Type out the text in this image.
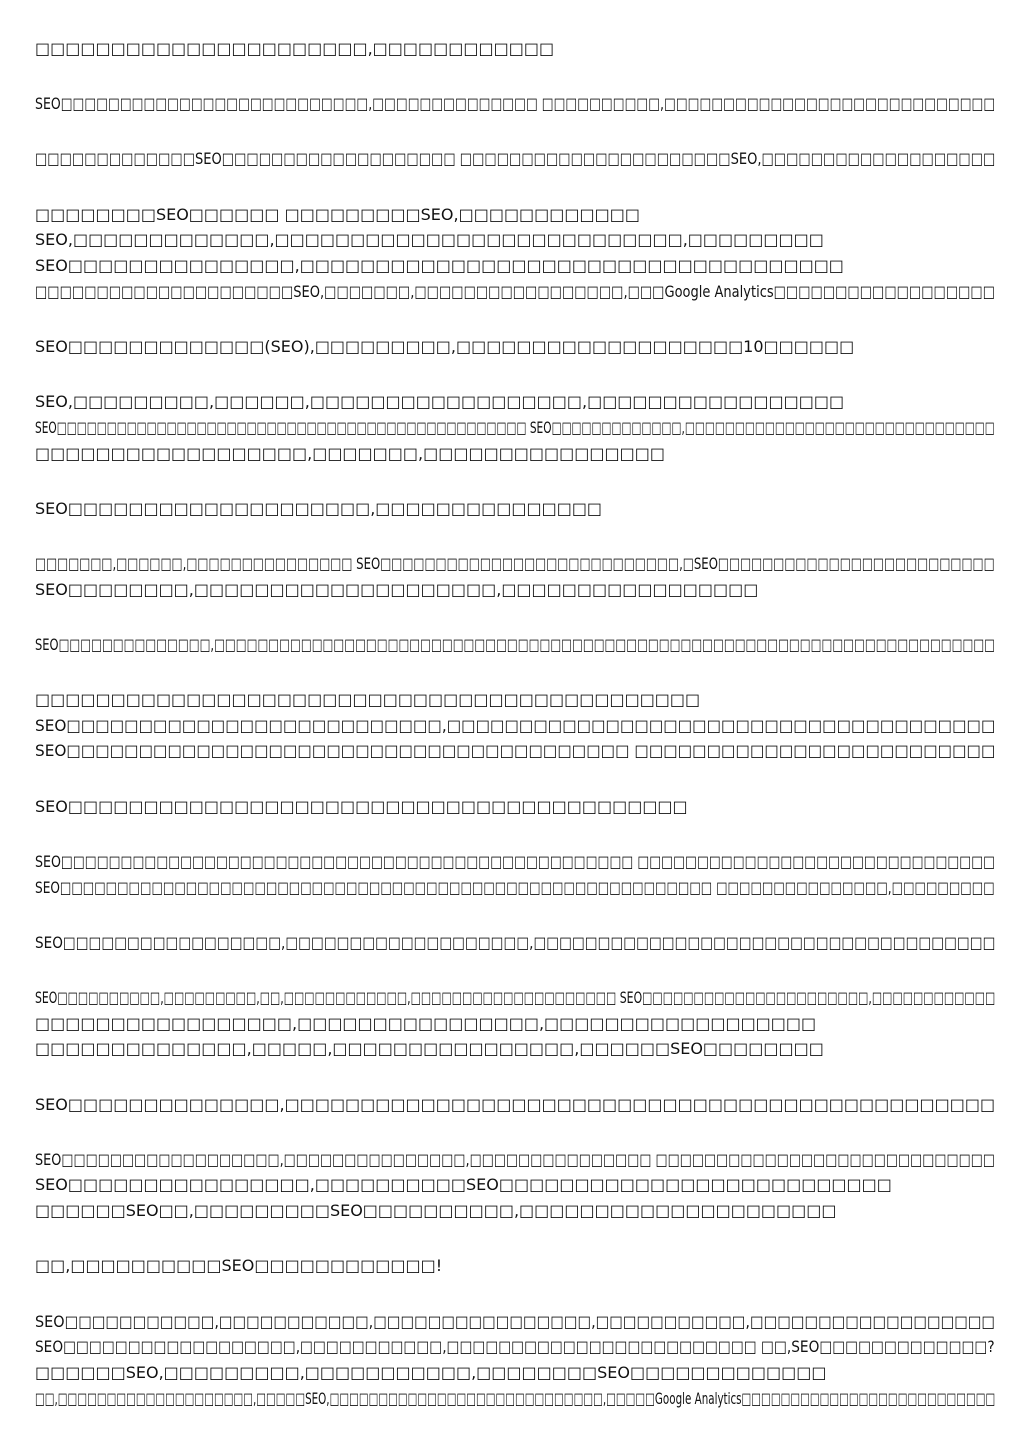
□□□□□□□□□□□□□□□□□□□□□□,□□□□□□□□□□□□
SEO□□□□□□□□□□□□□□□□□□□□□□□□□□,□□□□□□□□□□□□□□ □□□□□□□□□□,□□□□□□□□□□□□□□□□□□□□□□□□□□□□
□□□□□□□□□□□□□SEO□□□□□□□□□□□□□□□□□□□ □□□□□□□□□□□□□□□□□□□□□□SEO,□□□□□□□□□□□□□□□□□□□
□□□□□□□□SEO□□□□□□ □□□□□□□□□SEO,□□□□□□□□□□□□
SEO,□□□□□□□□□□□□□,□□□□□□□□□□□□□□□□□□□□□□□□□□□,□□□□□□□□□
SEO□□□□□□□□□□□□□□□,□□□□□□□□□□□□□□□□□□□□□□□□□□□□□□□□□□□□
□□□□□□□□□□□□□□□□□□□□□SEO,□□□□□□□,□□□□□□□□□□□□□□□□□,□□□Google Analytics□□□□□□□□□□□□□□□□□□
SEO□□□□□□□□□□□□□(SEO),□□□□□□□□□,□□□□□□□□□□□□□□□□□□□10□□□□□□
SEO,□□□□□□□□□,□□□□□□,□□□□□□□□□□□□□□□□□□,□□□□□□□□□□□□□□□□□
SEO□□□□□□□□□□□□□□□□□□□□□□□□□□□□□□□□□□□□□□□□□□□□□□□ SEO□□□□□□□□□□□□□,□□□□□□□□□□□□□□□□□□□□□□□□□□□□□□□
□□□□□□□□□□□□□□□□□□,□□□□□□□,□□□□□□□□□□□□□□□□
SEO□□□□□□□□□□□□□□□□□□□□,□□□□□□□□□□□□□□□
□□□□□□□,□□□□□□,□□□□□□□□□□□□□□□ SEO□□□□□□□□□□□□□□□□□□□□□□□□□□□,□SEO□□□□□□□□□□□□□□□□□□□□□□□□□
SEO□□□□□□□□,□□□□□□□□□□□□□□□□□□□□,□□□□□□□□□□□□□□□□□
SEO□□□□□□□□□□□□□□,□□□□□□□□□□□□□□□□□□□□□□□□□□□□□□□□□□□□□□□□□□□□□□□□□□□□□□□□□□□□□□□□□□□□□□□□
□□□□□□□□□□□□□□□□□□□□□□□□□□□□□□□□□□□□□□□□□□□□
SEO□□□□□□□□□□□□□□□□□□□□□□□□□□,□□□□□□□□□□□□□□□□□□□□□□□□□□□□□□□□□□□□□□
SEO□□□□□□□□□□□□□□□□□□□□□□□□□□□□□□□□□□□□□□□ □□□□□□□□□□□□□□□□□□□□□□□□□
SEO□□□□□□□□□□□□□□□□□□□□□□□□□□□□□□□□□□□□□□□□□
SEO□□□□□□□□□□□□□□□□□□□□□□□□□□□□□□□□□□□□□□□□□□□□□□□□ □□□□□□□□□□□□□□□□□□□□□□□□□□□□□□
SEO□□□□□□□□□□□□□□□□□□□□□□□□□□□□□□□□□□□□□□□□□□□□□□□□□□□□□□□□□ □□□□□□□□□□□□□□□,□□□□□□□□□
SEO□□□□□□□□□□□□□□□□□,□□□□□□□□□□□□□□□□□□□,□□□□□□□□□□□□□□□□□□□□□□□□□□□□□□□□□□□□
SEO□□□□□□□□□□,□□□□□□□□□,□□,□□□□□□□□□□□□,□□□□□□□□□□□□□□□□□□□□ SEO□□□□□□□□□□□□□□□□□□□□□□,□□□□□□□□□□□□
□□□□□□□□□□□□□□□□□,□□□□□□□□□□□□□□□□,□□□□□□□□□□□□□□□□□□
□□□□□□□□□□□□□□,□□□□□,□□□□□□□□□□□□□□□□,□□□□□□SEO□□□□□□□□
SEO□□□□□□□□□□□□□□,□□□□□□□□□□□□□□□□□□□□□□□□□□□□□□□□□□□□□□□□□□□□□□□
SEO□□□□□□□□□□□□□□□□□□,□□□□□□□□□□□□□□□,□□□□□□□□□□□□□□□ □□□□□□□□□□□□□□□□□□□□□□□□□□□□
SEO□□□□□□□□□□□□□□□□,□□□□□□□□□□SEO□□□□□□□□□□□□□□□□□□□□□□□□□□
□□□□□□SEO□□,□□□□□□□□□SEO□□□□□□□□□□,□□□□□□□□□□□□□□□□□□□□□
□□,□□□□□□□□□□SEO□□□□□□□□□□□□!
SEO□□□□□□□□□□□,□□□□□□□□□□□,□□□□□□□□□□□□□□□□,□□□□□□□□□□□,□□□□□□□□□□□□□□□□□□
SEO□□□□□□□□□□□□□□□□□□,□□□□□□□□□□□,□□□□□□□□□□□□□□□□□□□□□□□□ □□,SEO□□□□□□□□□□□□□?
□□□□□□SEO,□□□□□□□□□,□□□□□□□□□□□,□□□□□□□□SEO□□□□□□□□□□□□□
□□,□□□□□□□□□□□□□□□□□□□□,□□□□□SEO,□□□□□□□□□□□□□□□□□□□□□□□□□□□□,□□□□□Google Analytics□□□□□□□□□□□□□□□□□□□□□□□□□□
